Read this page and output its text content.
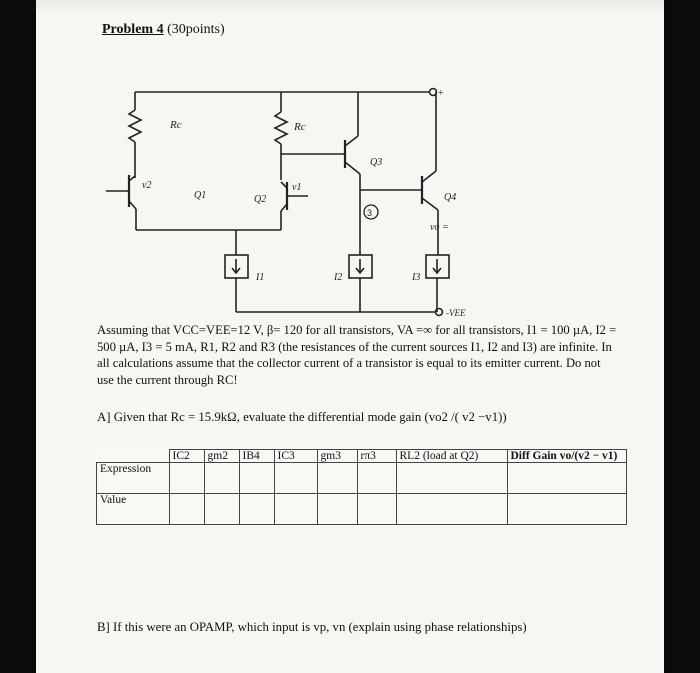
Problem 4 (30points)
Rc	Rc
v2
Q1	Q2
v1
Q3
Q4
3
vo =
+
-VEE
I1	I2	I3

Assuming that VCC=VEE=12 V, β= 120 for all transistors, VA =∞ for all transistors, I1 = 100 µA, I2 = 500 µA, I3 = 5 mA, R1, R2 and R3 (the resistances of the current sources I1, I2 and I3) are infinite. In all calculations assume that the collector current of a transistor is equal to its emitter current. Do not use the current through RC!

A] Given that Rc = 15.9kΩ, evaluate the differential mode gain (vo2 /( v2 −v1))

	IC2	gm2	IB4	IC3	gm3	rπ3	RL2 (load at Q2)	Diff Gain vo/(v2 − v1)
Expression								
Value								

B] If this were an OPAMP, which input is vp, vn (explain using phase relationships)
